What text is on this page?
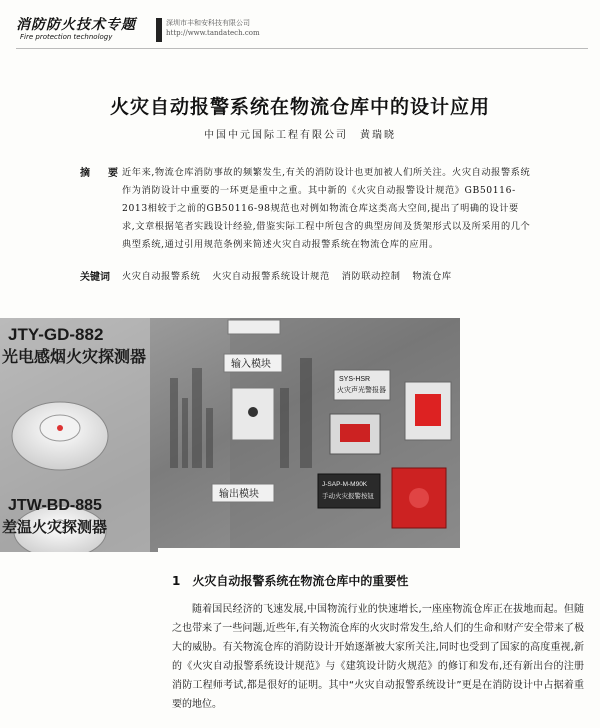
消防防火技术专题
Fire protection technology
深圳市丰和安科技有限公司
http://www.tandatech.com
火灾自动报警系统在物流仓库中的设计应用
中国中元国际工程有限公司　黄瑞晓
摘　要 近年来,物流仓库消防事故的频繁发生,有关的消防设计也更加被人们所关注。火灾自动报警系统作为消防设计中重要的一环更是重中之重。其中新的《火灾自动报警设计规范》GB50116-2013相较于之前的GB50116-98规范也对例如物流仓库这类高大空间,提出了明确的设计要求,文章根据笔者实践设计经验,借鉴实际工程中所包含的典型房间及货架形式以及所采用的几个典型系统,通过引用规范条例来简述火灾自动报警系统在物流仓库的应用。
关键词 火灾自动报警系统 火灾自动报警系统设计规范 消防联动控制 物流仓库
JTY-GD-882
光电感烟火灾探测器	输入模块
SYS-HSR
火灾声光警报器
输出模块
J-SAP-M-M90K
手动火灾报警按钮
JTW-BD-885
差温火灾探测器
1　火灾自动报警系统在物流仓库中的重要性
随着国民经济的飞速发展,中国物流行业的快速增长,一座座物流仓库正在拔地而起。但随之也带来了一些问题,近些年,有关物流仓库的火灾时常发生,给人们的生命和财产安全带来了极大的威胁。有关物流仓库的消防设计开始逐渐被大家所关注,同时也受到了国家的高度重视,新的《火灾自动报警系统设计规范》与《建筑设计防火规范》的修订和发布,还有新出台的注册消防工程师考试,都是很好的证明。其中“火灾自动报警系统设计”更是在消防设计中占据着重要的地位。
